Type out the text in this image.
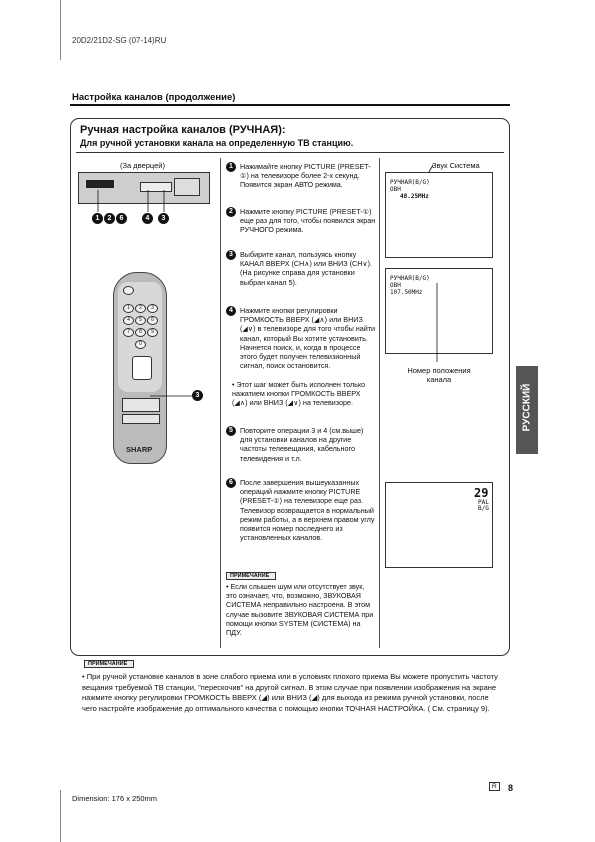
20D2/21D2-SG (07-14)RU
Настройка каналов (продолжение)
Ручная настройка каналов (РУЧНАЯ):
Для ручной установки канала на определенную ТВ станцию.
(За дверцей)
1	2	6	4	3
1	2	3
4	5	6
7	8	9
0
3
SHARP
1 Нажимайте кнопку PICTURE (PRESET-①) на телевизоре более 2-х секунд. Появится экран АВТО режима.
2 Нажмите кнопку PICTURE (PRESET-①) еще раз для того, чтобы появился экран РУЧНОГО режима.
3 Выбирите канал, пользуясь кнопку КАНАЛ ВВЕРХ (CH∧) или ВНИЗ (CH∨). (На рисунке справа для установки выбран канал 5).
4 Нажмите кнопки регулировки ГРОМКОСТЬ ВВЕРХ (◢∧) или ВНИЗ (◢∨) в телевизоре для того чтобы найти канал, который Вы хотите установить. Начнется поиск, и, когда в процессе этого будет получен телевизионный сигнал, поиск остановится.
• Этот шаг может быть исполнен только нажатием кнопки ГРОМКОСТЬ ВВЕРХ (◢∧) или ВНИЗ (◢∨) на телевизоре.
5 Повторите операции 3 и 4 (см.выше) для установки каналов на другие частоты телевещания, кабельного телевидения и т.л.
6 После завершения вышеуказанных операций нажмите кнопку PICTURE (PRESET-①) на телевизоре еще раз. Телевизор возвращается в нормальный режим работы, а в верхнем правом углу появится номер последнего из установленных каналов.
ПРИМЕЧАНИЕ
• Если слышен шум или отсутствует звук, это означает, что, возможно, ЗВУКОВАЯ СИСТЕМА неправильно настроена. В этом случае вызовите ЗВУКОВАЯ СИСТЕМА при помощи кнопки SYSTEM (СИСТЕМА) на ПДУ.
Звук Система
РУЧНАЯ(B/G)
ОВН
48.25МНz
РУЧНАЯ(B/G)
ОВН
107.50МНz
Номер положения канала
29
PAL
B/G
ПРИМЕЧАНИЕ
• При ручной установке каналов в зоне слабого приема или в условиях плохого приема Вы можете пропустить частоту вещания требуемой ТВ станции, "перескочив" на другой сигнал. В этом случае при появлении изображения на экране нажмите кнопку регулировки ГРОМКОСТЬ ВВЕРХ (◢) или ВНИЗ (◢) для выхода из режима ручной установки, после чего настройте изображение до оптимального качества с помощью кнопки ТОЧНАЯ НАСТРОЙКА. ( См. страницу 9).
РУССКИЙ
R	8
Dimension: 176 x 250mm
